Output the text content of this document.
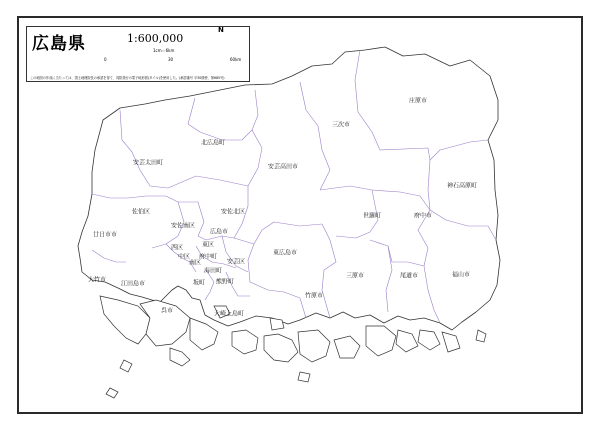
広島県	1:600,000
1cm＝6km
0	30	60km
この地図の作成に当たっては、国土地理院長の承認を得て、同院発行の電子地形図(タイル)を使用した。(承認番号 平30情使、第685号)
N
庄原市
三次市
北広島町
安芸太田町
安芸高田市
神石高原町
佐伯区	安佐北区
世羅町	府中市
安佐南区
広島市
廿日市市
西区	東区
東広島市
中区 府中町
南区	安芸区
海田町
三原市	尾道市	福山市
大竹市	坂町 熊野町
江田島市
竹原市
呉市	大崎上島町
